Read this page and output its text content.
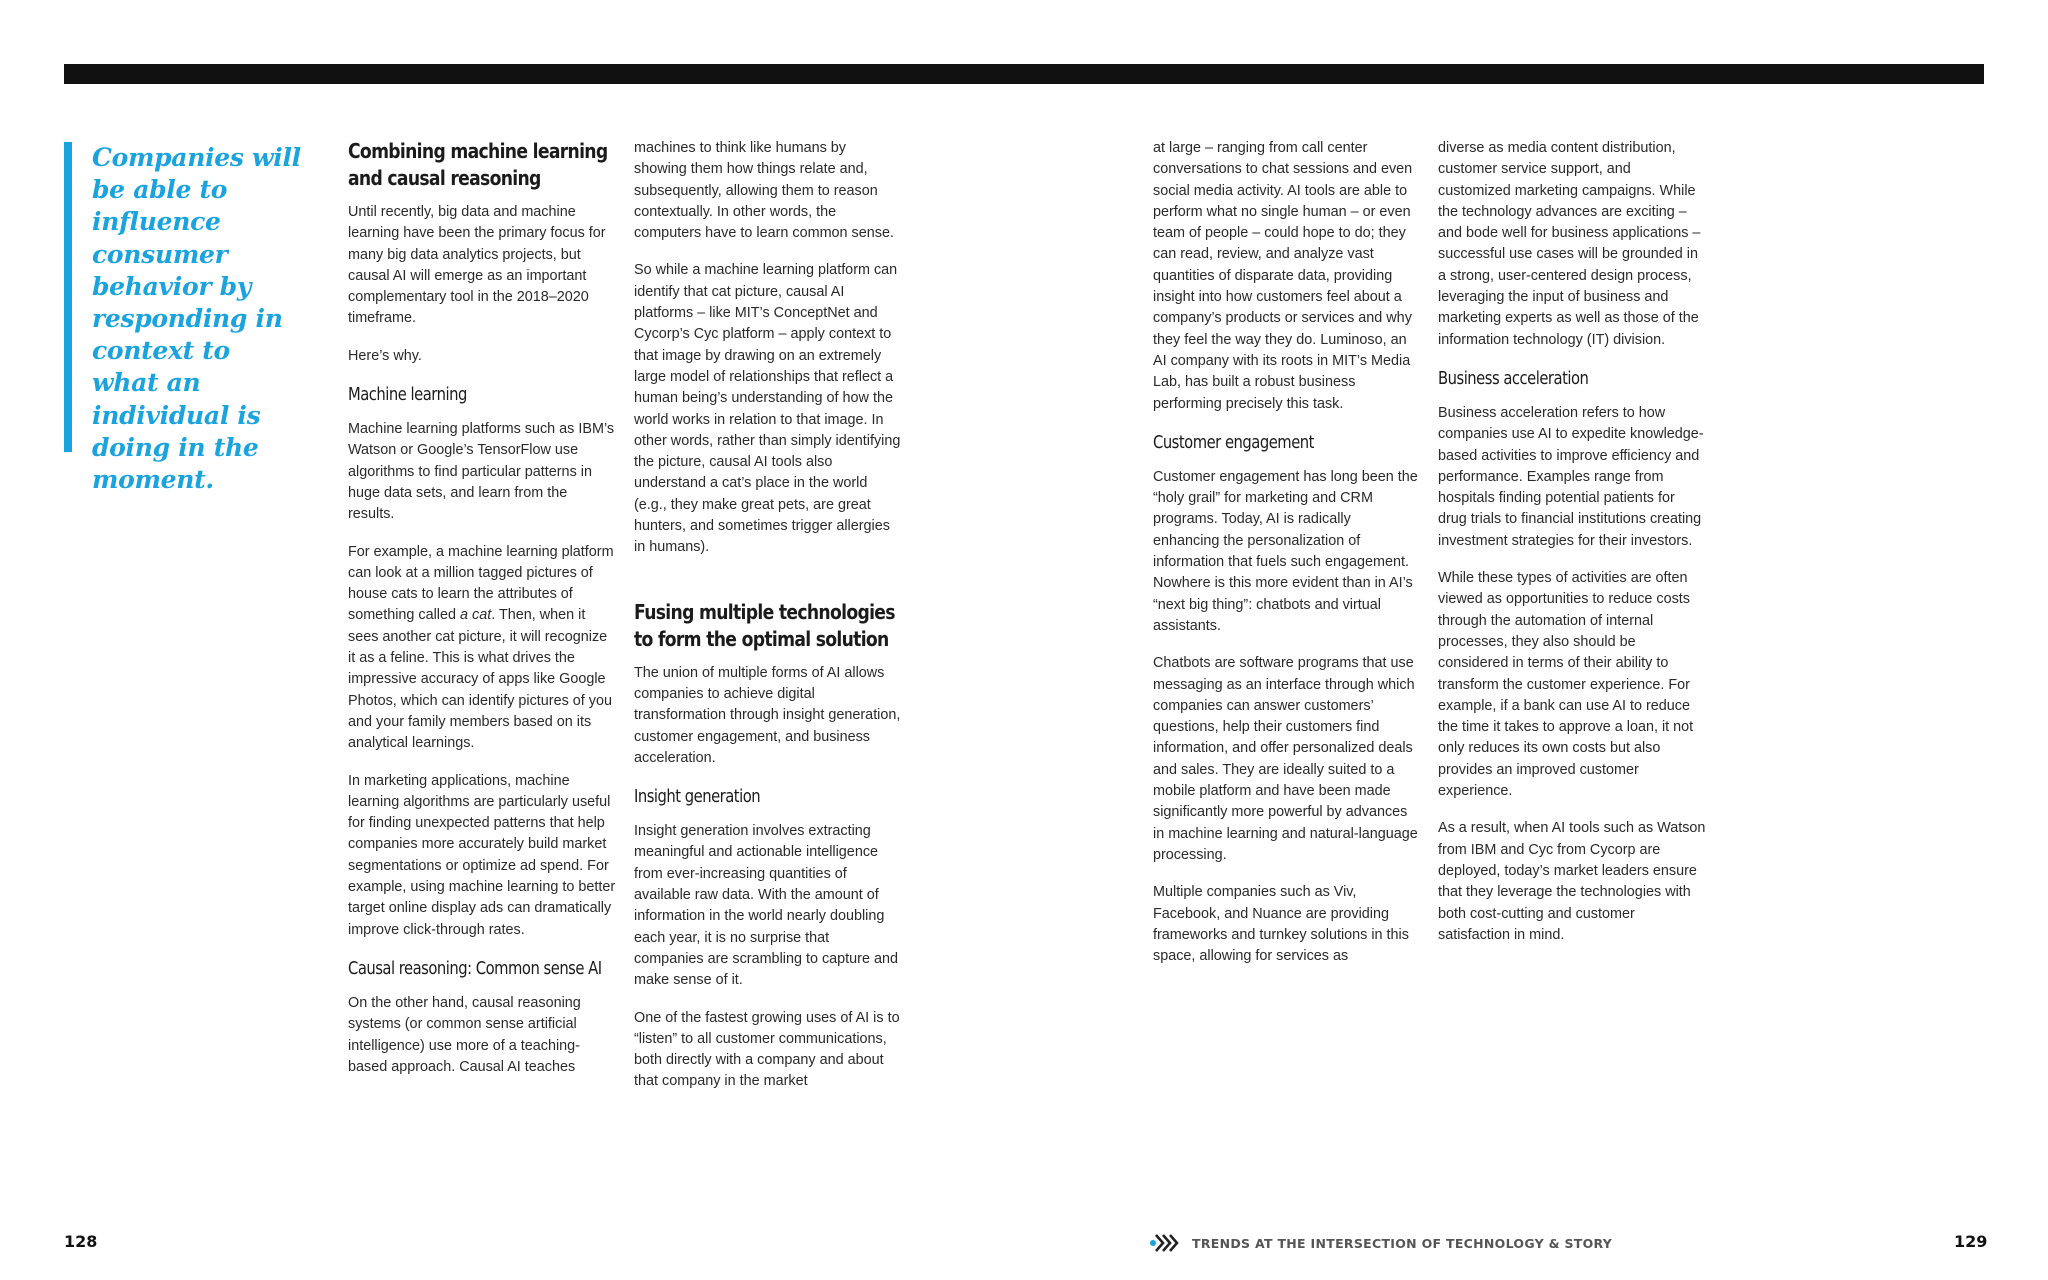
Companies will be able to influence consumer behavior by responding in context to what an individual is doing in the moment.

Combining machine learning and causal reasoning

Until recently, big data and machine learning have been the primary focus for many big data analytics projects, but causal AI will emerge as an important complementary tool in the 2018–2020 timeframe.

Here’s why.

Machine learning

Machine learning platforms such as IBM’s Watson or Google’s TensorFlow use algorithms to find particular patterns in huge data sets, and learn from the results.

For example, a machine learning platform can look at a million tagged pictures of house cats to learn the attributes of something called a cat. Then, when it sees another cat picture, it will recognize it as a feline. This is what drives the impressive accuracy of apps like Google Photos, which can identify pictures of you and your family members based on its analytical learnings.

In marketing applications, machine learning algorithms are particularly useful for finding unexpected patterns that help companies more accurately build market segmentations or optimize ad spend. For example, using machine learning to better target online display ads can dramatically improve click-through rates.

Causal reasoning: Common sense AI

On the other hand, causal reasoning systems (or common sense artificial intelligence) use more of a teaching-based approach. Causal AI teaches

machines to think like humans by showing them how things relate and, subsequently, allowing them to reason contextually. In other words, the computers have to learn common sense.

So while a machine learning platform can identify that cat picture, causal AI platforms – like MIT’s ConceptNet and Cycorp’s Cyc platform – apply context to that image by drawing on an extremely large model of relationships that reflect a human being’s understanding of how the world works in relation to that image. In other words, rather than simply identifying the picture, causal AI tools also understand a cat’s place in the world (e.g., they make great pets, are great hunters, and sometimes trigger allergies in humans).

Fusing multiple technologies to form the optimal solution

The union of multiple forms of AI allows companies to achieve digital transformation through insight generation, customer engagement, and business acceleration.

Insight generation

Insight generation involves extracting meaningful and actionable intelligence from ever-increasing quantities of available raw data. With the amount of information in the world nearly doubling each year, it is no surprise that companies are scrambling to capture and make sense of it.

One of the fastest growing uses of AI is to “listen” to all customer communications, both directly with a company and about that company in the market

at large – ranging from call center conversations to chat sessions and even social media activity. AI tools are able to perform what no single human – or even team of people – could hope to do; they can read, review, and analyze vast quantities of disparate data, providing insight into how customers feel about a company’s products or services and why they feel the way they do. Luminoso, an AI company with its roots in MIT’s Media Lab, has built a robust business performing precisely this task.

Customer engagement

Customer engagement has long been the “holy grail” for marketing and CRM programs. Today, AI is radically enhancing the personalization of information that fuels such engagement. Nowhere is this more evident than in AI’s “next big thing”: chatbots and virtual assistants.

Chatbots are software programs that use messaging as an interface through which companies can answer customers’ questions, help their customers find information, and offer personalized deals and sales. They are ideally suited to a mobile platform and have been made significantly more powerful by advances in machine learning and natural-language processing.

Multiple companies such as Viv, Facebook, and Nuance are providing frameworks and turnkey solutions in this space, allowing for services as

diverse as media content distribution, customer service support, and customized marketing campaigns. While the technology advances are exciting – and bode well for business applications – successful use cases will be grounded in a strong, user-centered design process, leveraging the input of business and marketing experts as well as those of the information technology (IT) division.

Business acceleration

Business acceleration refers to how companies use AI to expedite knowledge-based activities to improve efficiency and performance. Examples range from hospitals finding potential patients for drug trials to financial institutions creating investment strategies for their investors.

While these types of activities are often viewed as opportunities to reduce costs through the automation of internal processes, they also should be considered in terms of their ability to transform the customer experience. For example, if a bank can use AI to reduce the time it takes to approve a loan, it not only reduces its own costs but also provides an improved customer experience.

As a result, when AI tools such as Watson from IBM and Cyc from Cycorp are deployed, today’s market leaders ensure that they leverage the technologies with both cost-cutting and customer satisfaction in mind.

128	TRENDS AT THE INTERSECTION OF TECHNOLOGY & STORY	129
